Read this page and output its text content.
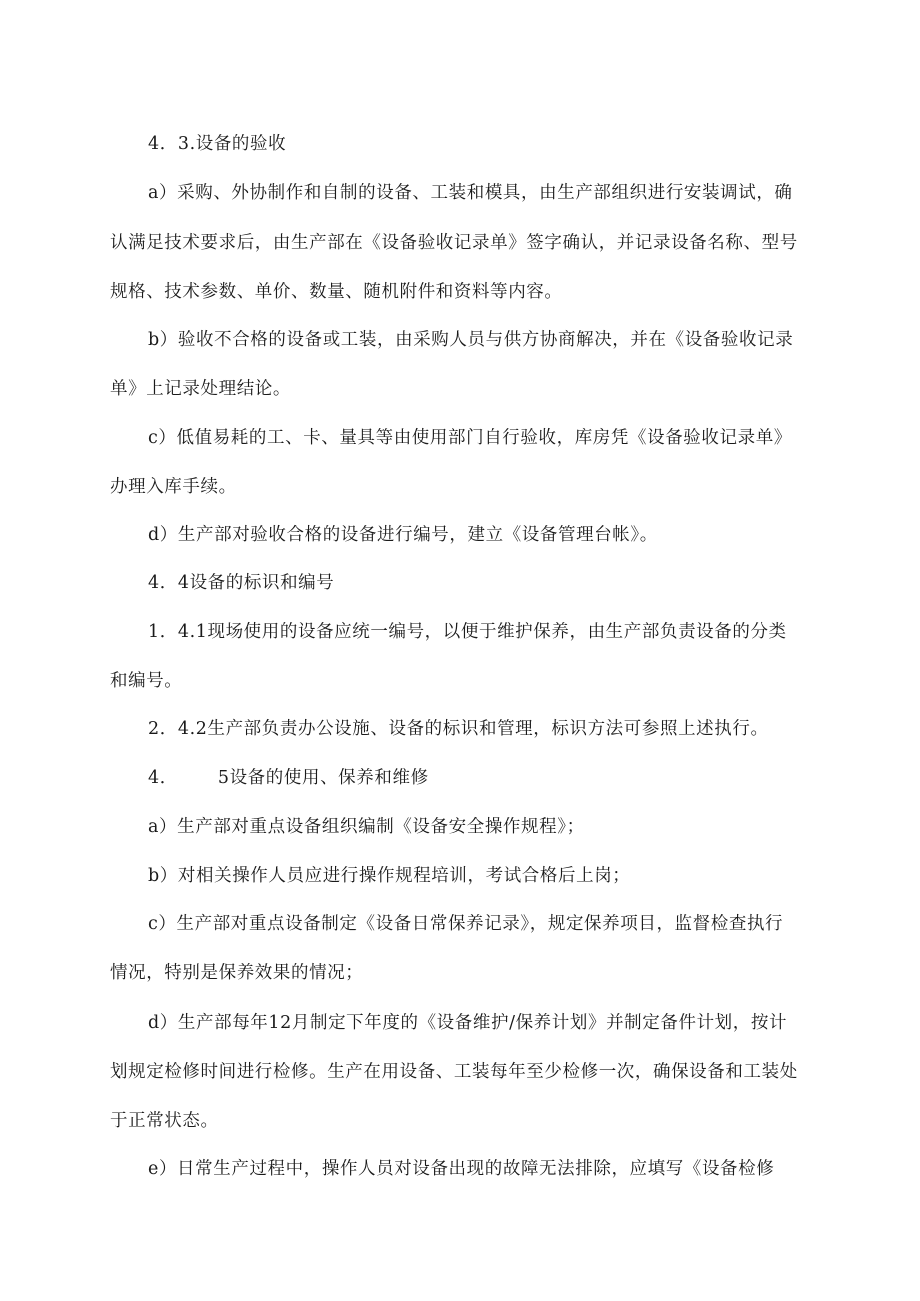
4．3.设备的验收
a）采购、外协制作和自制的设备、工装和模具，由生产部组织进行安装调试，确
认满足技术要求后，由生产部在《设备验收记录单》签字确认，并记录设备名称、型号
规格、技术参数、单价、数量、随机附件和资料等内容。
b）验收不合格的设备或工装，由采购人员与供方协商解决，并在《设备验收记录
单》上记录处理结论。
c）低值易耗的工、卡、量具等由使用部门自行验收，库房凭《设备验收记录单》
办理入库手续。
d）生产部对验收合格的设备进行编号，建立《设备管理台帐》。
4．4设备的标识和编号
1．4.1现场使用的设备应统一编号，以便于维护保养，由生产部负责设备的分类
和编号。
2．4.2生产部负责办公设施、设备的标识和管理，标识方法可参照上述执行。
4． 5设备的使用、保养和维修
a）生产部对重点设备组织编制《设备安全操作规程》；
b）对相关操作人员应进行操作规程培训，考试合格后上岗；
c）生产部对重点设备制定《设备日常保养记录》，规定保养项目，监督检查执行
情况，特别是保养效果的情况；
d）生产部每年12月制定下年度的《设备维护/保养计划》并制定备件计划，按计
划规定检修时间进行检修。生产在用设备、工装每年至少检修一次，确保设备和工装处
于正常状态。
e）日常生产过程中，操作人员对设备出现的故障无法排除，应填写《设备检修
